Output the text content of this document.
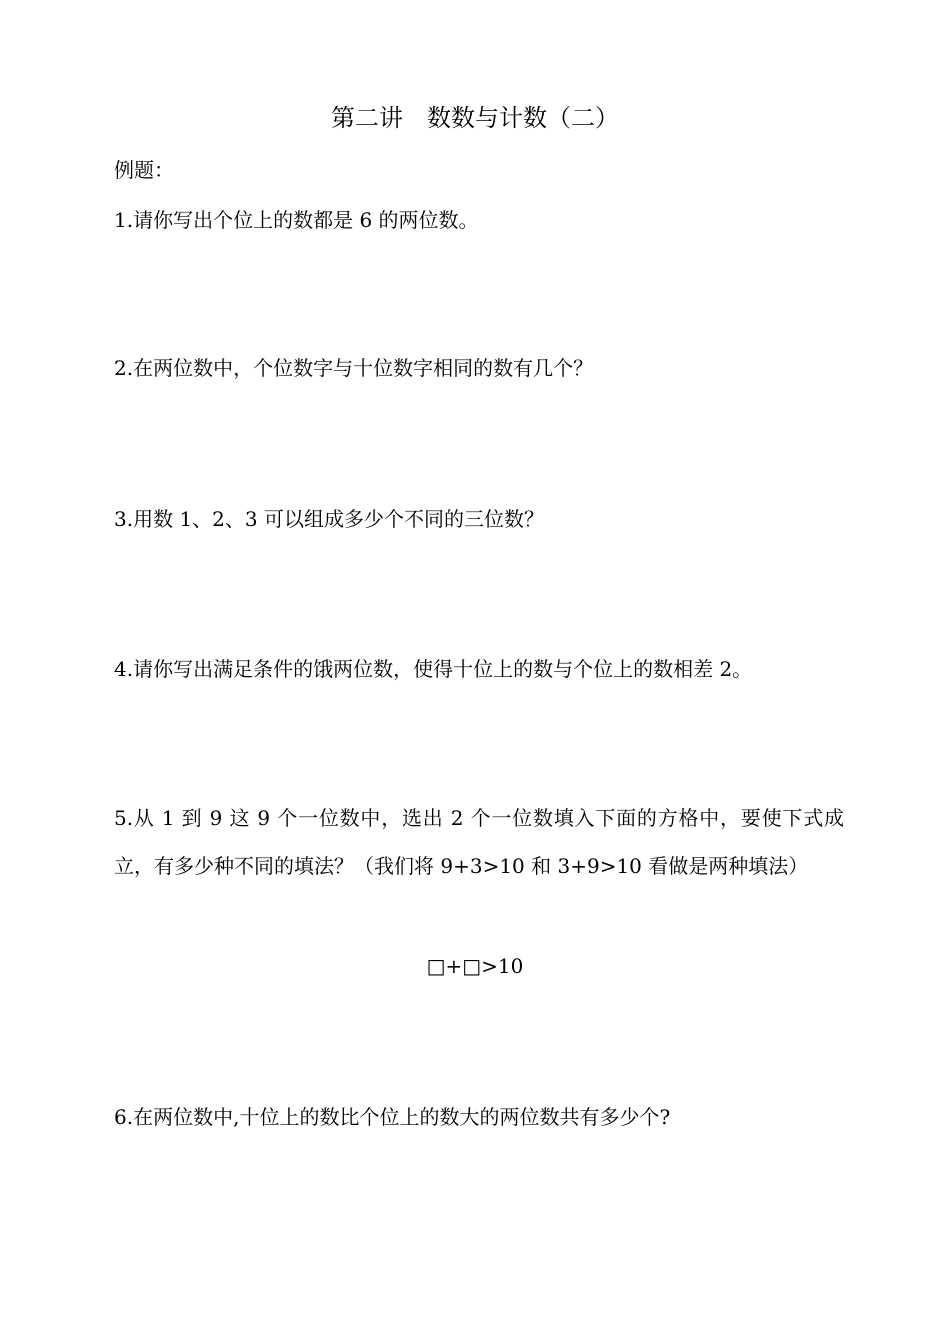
第二讲　数数与计数（二）
例题：
1.请你写出个位上的数都是 6 的两位数。
2.在两位数中，个位数字与十位数字相同的数有几个？
3.用数 1、2、3 可以组成多少个不同的三位数？
4.请你写出满足条件的饿两位数，使得十位上的数与个位上的数相差 2。
5.从 1 到 9 这 9 个一位数中，选出 2 个一位数填入下面的方格中，要使下式成立，有多少种不同的填法？（我们将 9+3>10 和 3+9>10 看做是两种填法）
□+□>10
6.在两位数中,十位上的数比个位上的数大的两位数共有多少个?
